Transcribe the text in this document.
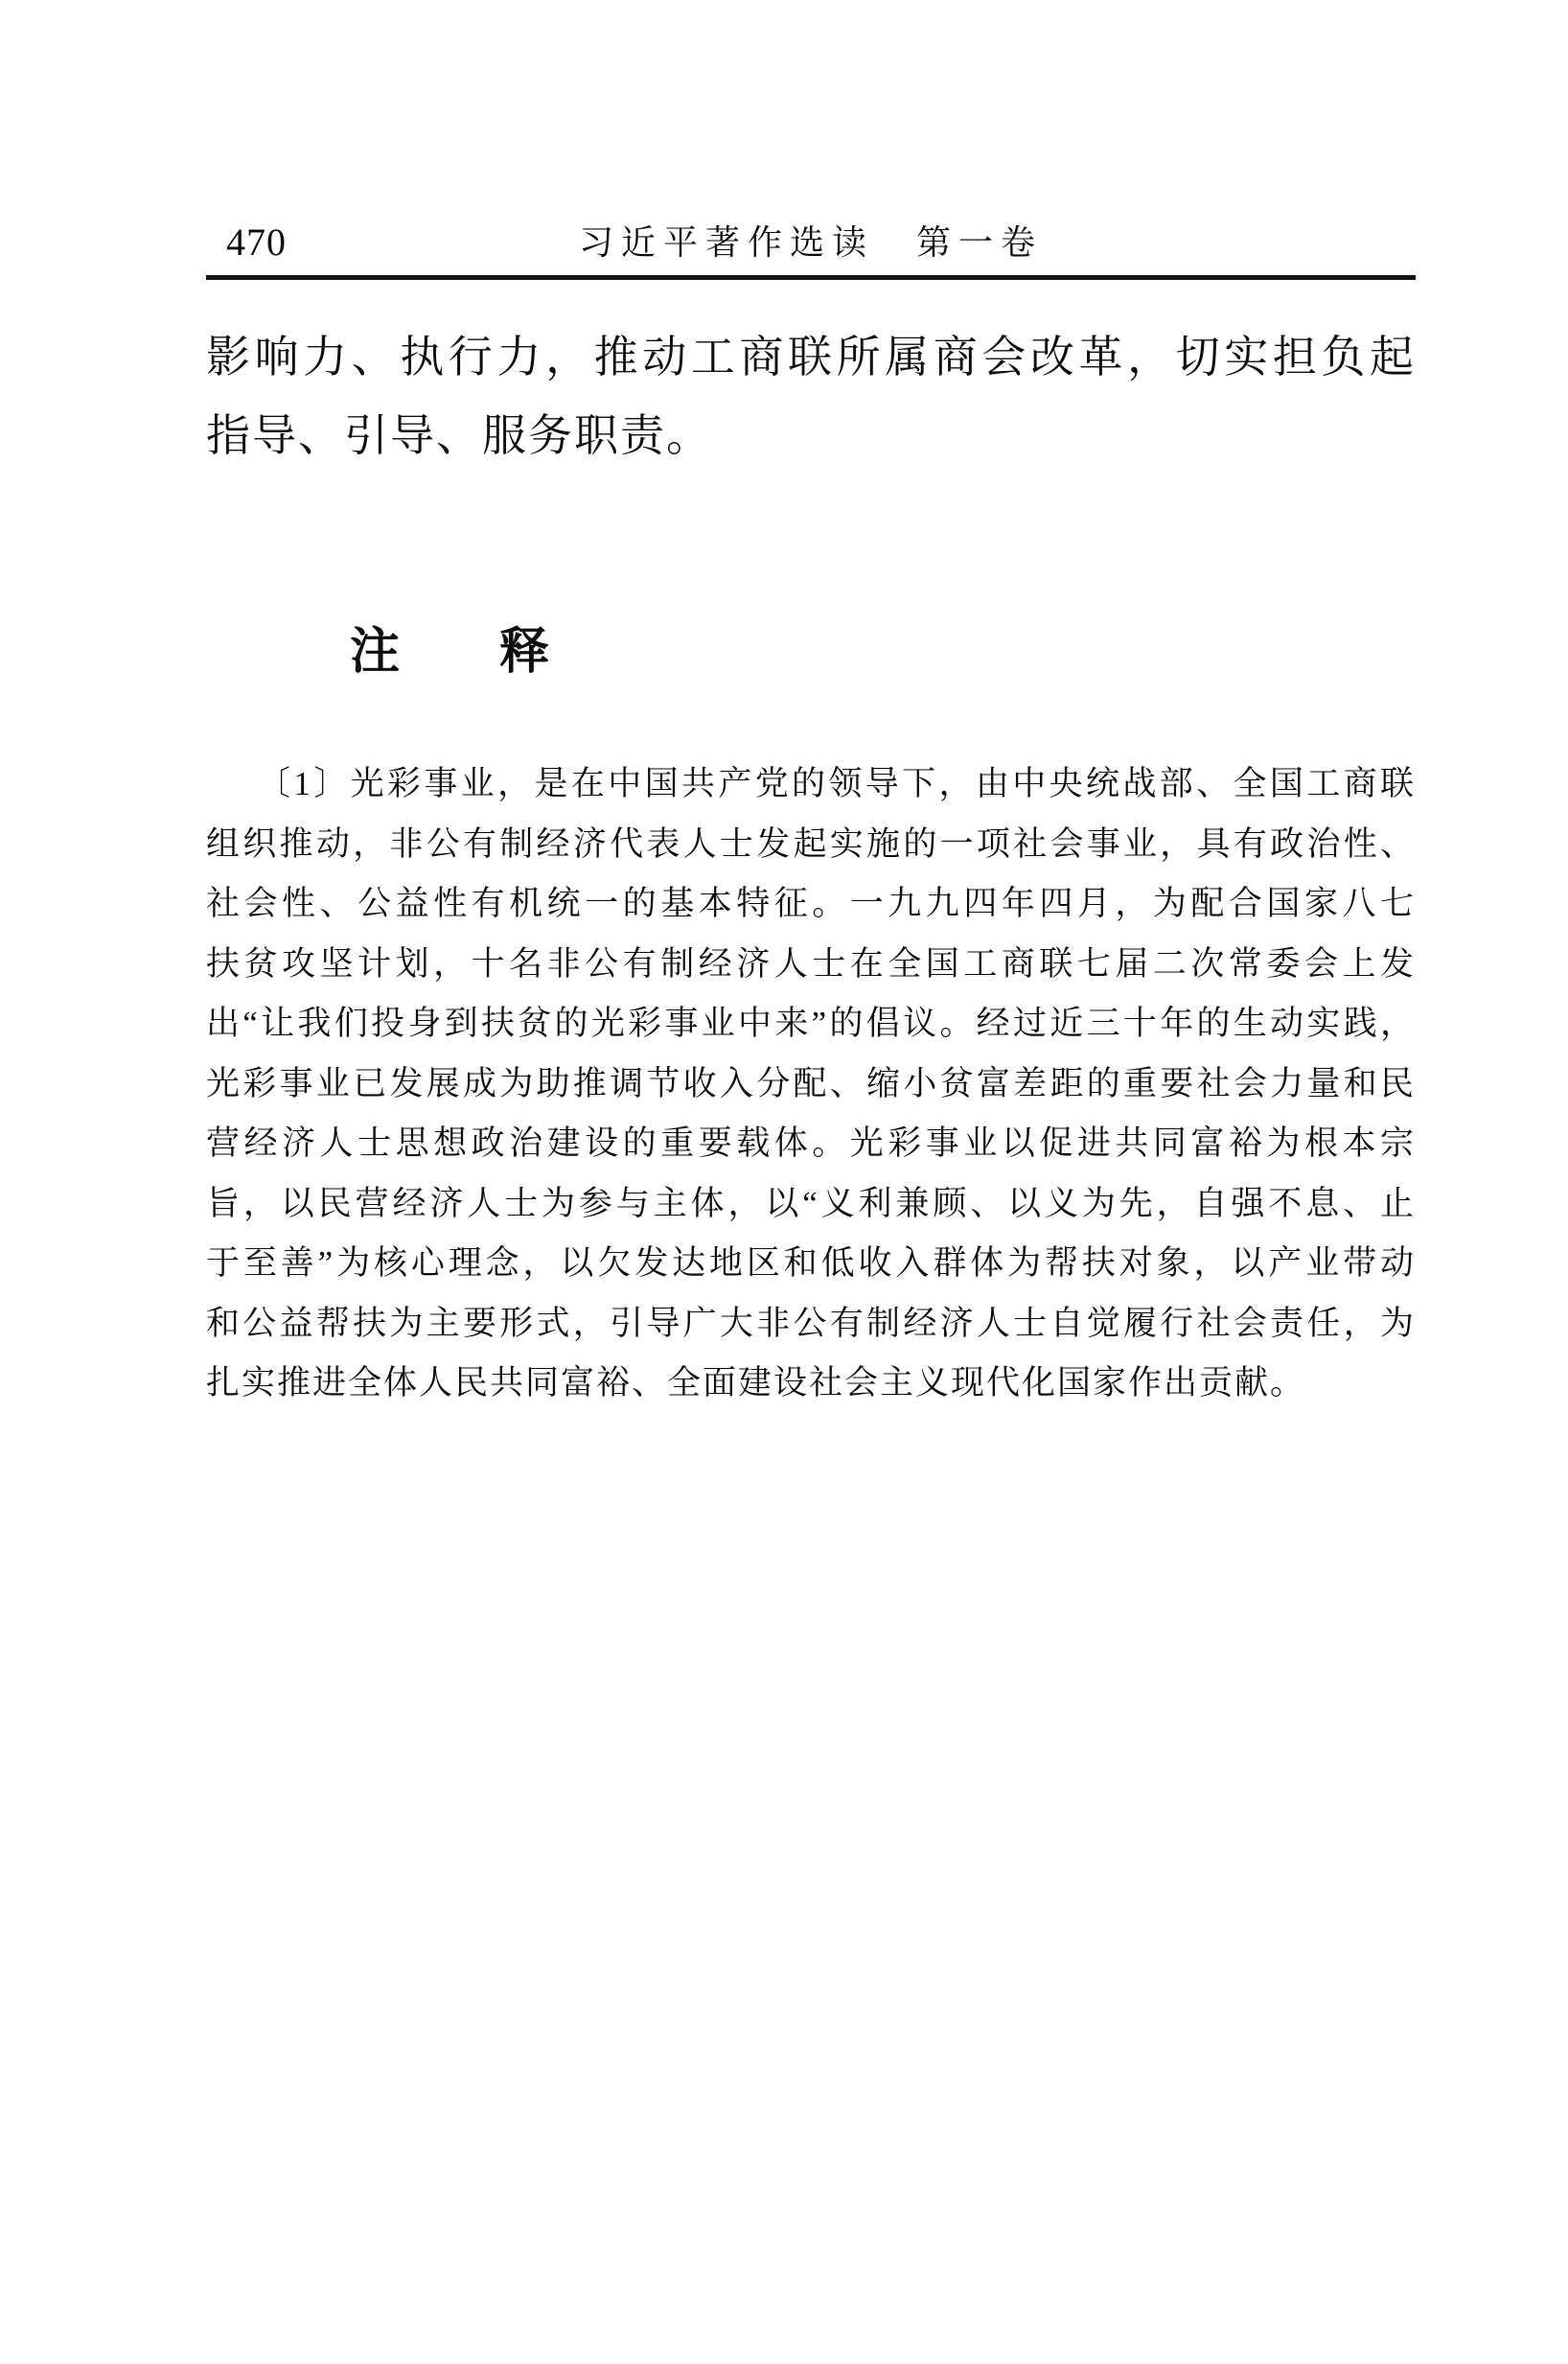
470	习近平著作选读　第一卷
影响力、执行力，推动工商联所属商会改革，切实担负起
指导、引导、服务职责。
注　　释
〔1〕光彩事业，是在中国共产党的领导下，由中央统战部、全国工商联
组织推动，非公有制经济代表人士发起实施的一项社会事业，具有政治性、
社会性、公益性有机统一的基本特征。一九九四年四月，为配合国家八七
扶贫攻坚计划，十名非公有制经济人士在全国工商联七届二次常委会上发
出“让我们投身到扶贫的光彩事业中来”的倡议。经过近三十年的生动实践，
光彩事业已发展成为助推调节收入分配、缩小贫富差距的重要社会力量和民
营经济人士思想政治建设的重要载体。光彩事业以促进共同富裕为根本宗
旨，以民营经济人士为参与主体，以“义利兼顾、以义为先，自强不息、止
于至善”为核心理念，以欠发达地区和低收入群体为帮扶对象，以产业带动
和公益帮扶为主要形式，引导广大非公有制经济人士自觉履行社会责任，为
扎实推进全体人民共同富裕、全面建设社会主义现代化国家作出贡献。
